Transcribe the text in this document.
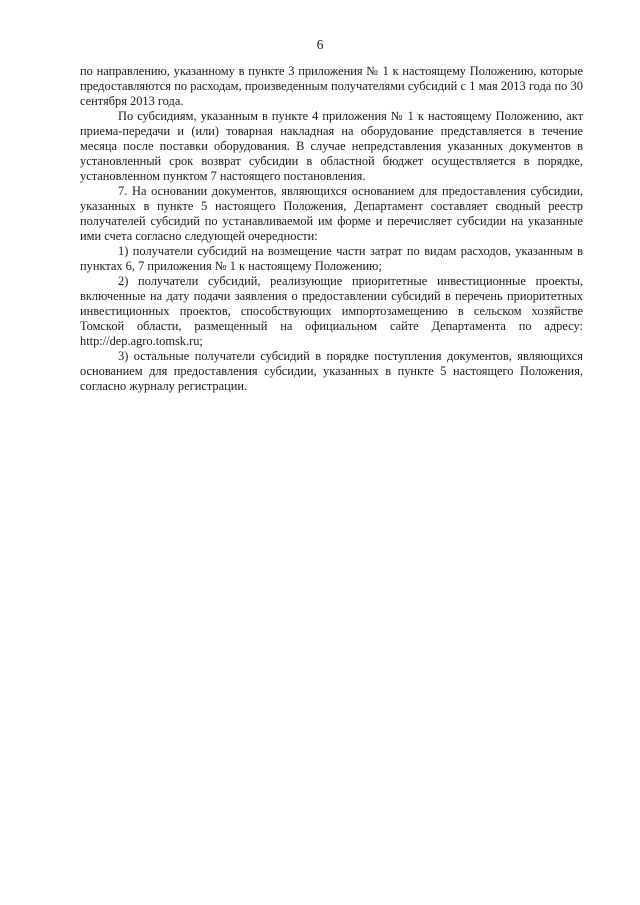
6

по направлению, указанному в пункте 3 приложения № 1 к настоящему Положению, которые предоставляются по расходам, произведенным получателями субсидий с 1 мая 2013 года по 30 сентября 2013 года.

По субсидиям, указанным в пункте 4 приложения № 1 к настоящему Положению, акт приема-передачи и (или) товарная накладная на оборудование представляется в течение месяца после поставки оборудования. В случае непредставления указанных документов в установленный срок возврат субсидии в областной бюджет осуществляется в порядке, установленном пунктом 7 настоящего постановления.

7. На основании документов, являющихся основанием для предоставления субсидии, указанных в пункте 5 настоящего Положения, Департамент составляет сводный реестр получателей субсидий по устанавливаемой им форме и перечисляет субсидии на указанные ими счета согласно следующей очередности:

1) получатели субсидий на возмещение части затрат по видам расходов, указанным в пунктах 6, 7 приложения № 1 к настоящему Положению;

2) получатели субсидий, реализующие приоритетные инвестиционные проекты, включенные на дату подачи заявления о предоставлении субсидий в перечень приоритетных инвестиционных проектов, способствующих импортозамещению в сельском хозяйстве Томской области, размещенный на официальном сайте Департамента по адресу: http://dep.agro.tomsk.ru;

3) остальные получатели субсидий в порядке поступления документов, являющихся основанием для предоставления субсидии, указанных в пункте 5 настоящего Положения, согласно журналу регистрации.
